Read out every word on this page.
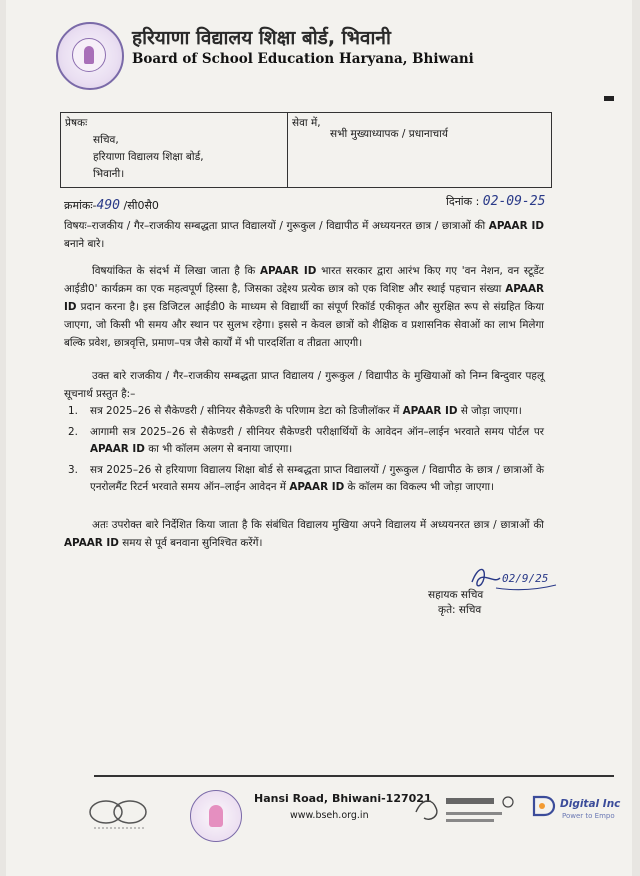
हरियाणा विद्यालय शिक्षा बोर्ड, भिवानी
Board of School Education Haryana, Bhiwani
प्रेषकः
सचिव,
हरियाणा विद्यालय शिक्षा बोर्ड,
भिवानी।
सेवा में,
सभी मुख्याध्यापक / प्रधानाचार्य
क्रमांकः-490 /सी0सै0	दिनांक : 02-09-25
विषयः–राजकीय / गैर–राजकीय सम्बद्धता प्राप्त विद्यालयों / गुरूकुल / विद्यापीठ में अध्ययनरत छात्र / छात्राओं की APAAR ID बनाने बारे।
विषयांकित के संदर्भ में लिखा जाता है कि APAAR ID भारत सरकार द्वारा आरंभ किए गए 'वन नेशन, वन स्टूडेंट आईडी0' कार्यक्रम का एक महत्वपूर्ण हिस्सा है, जिसका उद्देश्य प्रत्येक छात्र को एक विशिष्ट और स्थाई पहचान संख्या APAAR ID प्रदान करना है। इस डिजिटल आईडी0 के माध्यम से विद्यार्थी का संपूर्ण रिकॉर्ड एकीकृत और सुरक्षित रूप से संग्रहित किया जाएगा, जो किसी भी समय और स्थान पर सुलभ रहेगा। इससे न केवल छात्रों को शैक्षिक व प्रशासनिक सेवाओं का लाभ मिलेगा बल्कि प्रवेश, छात्रवृत्ति, प्रमाण–पत्र जैसे कार्यों में भी पारदर्शिता व तीव्रता आएगी।
उक्त बारे राजकीय / गैर–राजकीय सम्बद्धता प्राप्त विद्यालय / गुरूकुल / विद्यापीठ के मुखियाओं को निम्न बिन्दुवार पहलू सूचनार्थ प्रस्तुत है:–
1. सत्र 2025–26 से सैकेण्डरी / सीनियर सैकेण्डरी के परिणाम डेटा को डिजीलॉकर में APAAR ID से जोड़ा जाएगा।
2. आगामी सत्र 2025–26 से सैकेण्डरी / सीनियर सैकेण्डरी परीक्षार्थियों के आवेदन ऑन–लाईन भरवाते समय पोर्टल पर APAAR ID का भी कॉलम अलग से बनाया जाएगा।
3. सत्र 2025–26 से हरियाणा विद्यालय शिक्षा बोर्ड से सम्बद्धता प्राप्त विद्यालयों / गुरूकुल / विद्यापीठ के छात्र / छात्राओं के एनरोलमैंट रिटर्न भरवाते समय ऑन–लाईन आवेदन में APAAR ID के कॉलम का विकल्प भी जोड़ा जाएगा।
अतः उपरोक्त बारे निर्देशित किया जाता है कि संबंधित विद्यालय मुखिया अपने विद्यालय में अध्ययनरत छात्र / छात्राओं की APAAR ID समय से पूर्व बनवाना सुनिश्चित करेंगें।
02/9/25
सहायक सचिव
कृते: सचिव
Hansi Road, Bhiwani-127021
www.bseh.org.in
Digital Inc
Power to Empo
